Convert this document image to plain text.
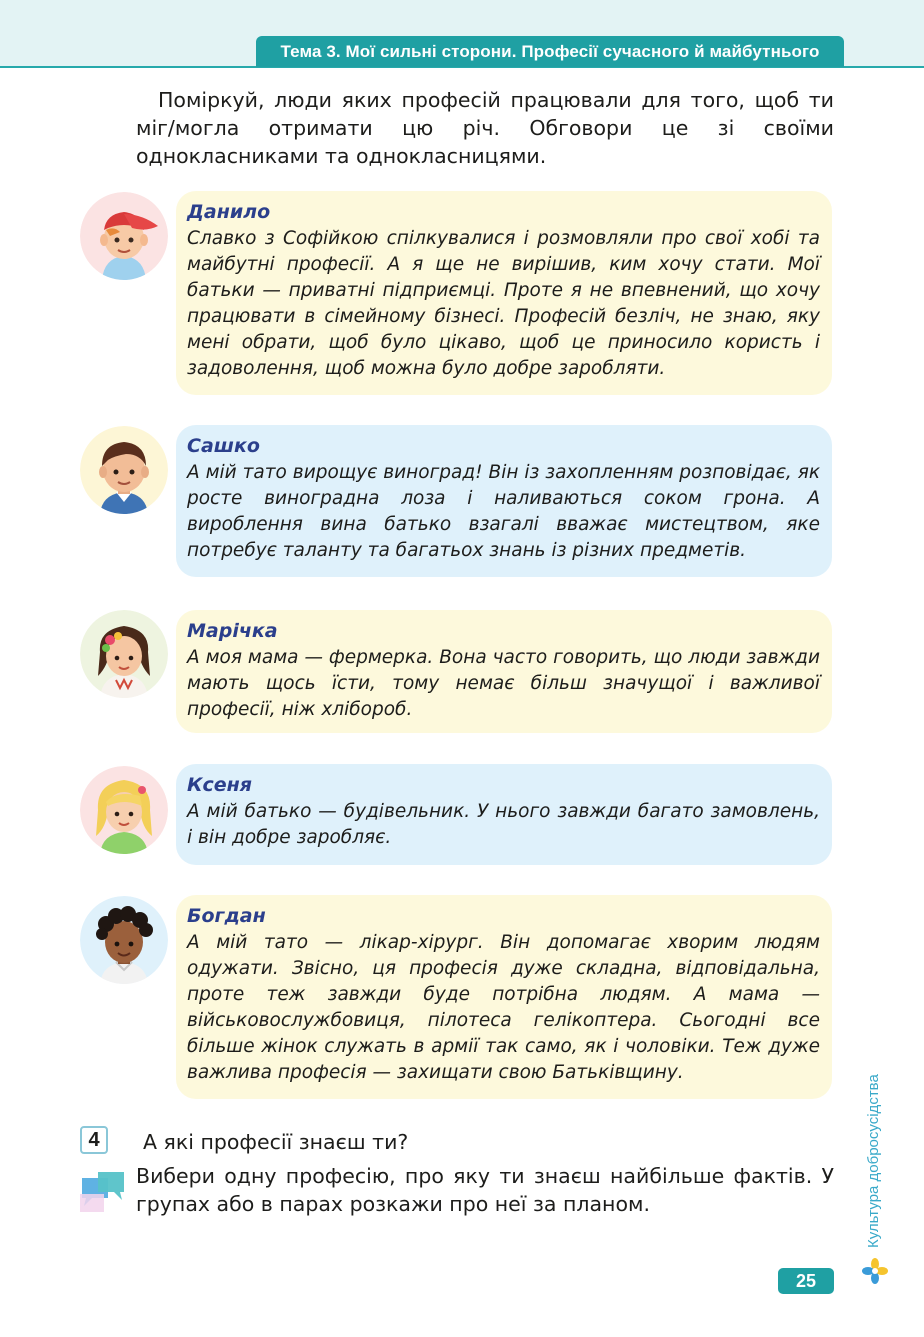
Тема 3. Мої сильні сторони. Професії сучасного й майбутнього

Поміркуй, люди яких професій працювали для того, щоб ти міг/могла отримати цю річ. Обговори це зі своїми однокласниками та однокласницями.

Данило
Славко з Софійкою спілкувалися і розмовляли про свої хобі та майбутні професії. А я ще не вирішив, ким хочу стати. Мої батьки — приватні підприємці. Проте я не впевнений, що хочу працювати в сімейному бізнесі. Професій безліч, не знаю, яку мені обрати, щоб було цікаво, щоб це приносило користь і задоволення, щоб можна було добре заробляти.
Сашко
А мій тато вирощує виноград! Він із захопленням розповідає, як росте виноградна лоза і наливаються соком грона. А вироблення вина батько взагалі вважає мистецтвом, яке потребує таланту та багатьох знань із різних предметів.
Марічка
А моя мама — фермерка. Вона часто говорить, що люди завжди мають щось їсти, тому немає більш значущої і важливої професії, ніж хлібороб.
Ксеня
А мій батько — будівельник. У нього завжди багато замовлень, і він добре заробляє.
Богдан
А мій тато — лікар-хірург. Він допомагає хворим людям одужати. Звісно, ця професія дуже складна, відповідальна, проте теж завжди буде потрібна людям. А мама — військовослужбовиця, пілотеса гелікоптера. Сьогодні все більше жінок служать в армії так само, як і чоловіки. Теж дуже важлива професія — захищати свою Батьківщину.
4	А які професії знаєш ти?

Вибери одну професію, про яку ти знаєш найбільше фактів. У групах або в парах розкажи про неї за планом.	Культура добросусідства
25
